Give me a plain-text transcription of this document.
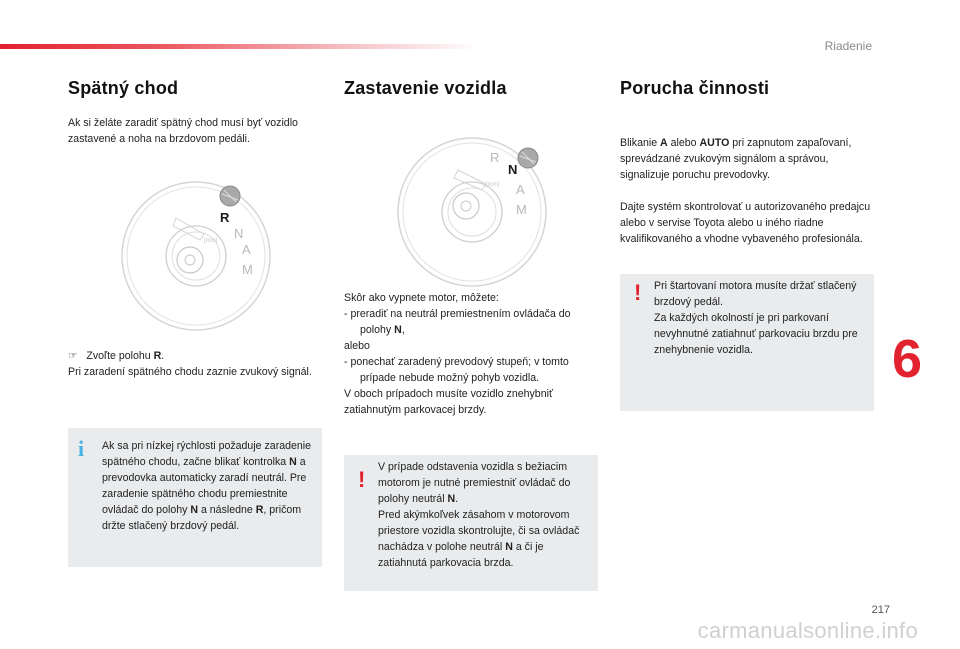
Riadenie
Spätný chod

Ak si želáte zaradiť spätný chod musí byť vozidlo zastavené a noha na brzdovom pedáli.

R
N
A
M
[mm]

☞ Zvoľte polohu R.

Pri zaradení spätného chodu zaznie zvukový signál.

i Ak sa pri nízkej rýchlosti požaduje zaradenie spätného chodu, začne blikať kontrolka N a prevodovka automaticky zaradí neutrál. Pre zaradenie spätného chodu premiestnite ovládač do polohy N a následne R, pričom držte stlačený brzdový pedál.

Zastavenie vozidla
R
N
A
M
[mm]

Skôr ako vypnete motor, môžete:

- preradiť na neutrál premiestnením ovládača do polohy N,

alebo

- ponechať zaradený prevodový stupeň; v tomto prípade nebude možný pohyb vozidla.

V oboch prípadoch musíte vozidlo znehybniť zatiahnutým parkovacej brzdy.

! V prípade odstavenia vozidla s bežiacim motorom je nutné premiestniť ovládač do polohy neutrál N.
Pred akýmkoľvek zásahom v motorovom priestore vozidla skontrolujte, či sa ovládač nachádza v polohe neutrál N a či je zatiahnutá parkovacia brzda.

Porucha činnosti

Blikanie A alebo AUTO pri zapnutom zapaľovaní, sprevádzané zvukovým signálom a správou, signalizuje poruchu prevodovky.

Dajte systém skontrolovať u autorizovaného predajcu alebo v servise Toyota alebo u iného riadne kvalifikovaného a vhodne vybaveného profesionála.

! Pri štartovaní motora musíte držať stlačený brzdový pedál.
Za každých okolností je pri parkovaní nevyhnutné zatiahnuť parkovaciu brzdu pre znehybnenie vozidla.	6
217
carmanualsonline.info
